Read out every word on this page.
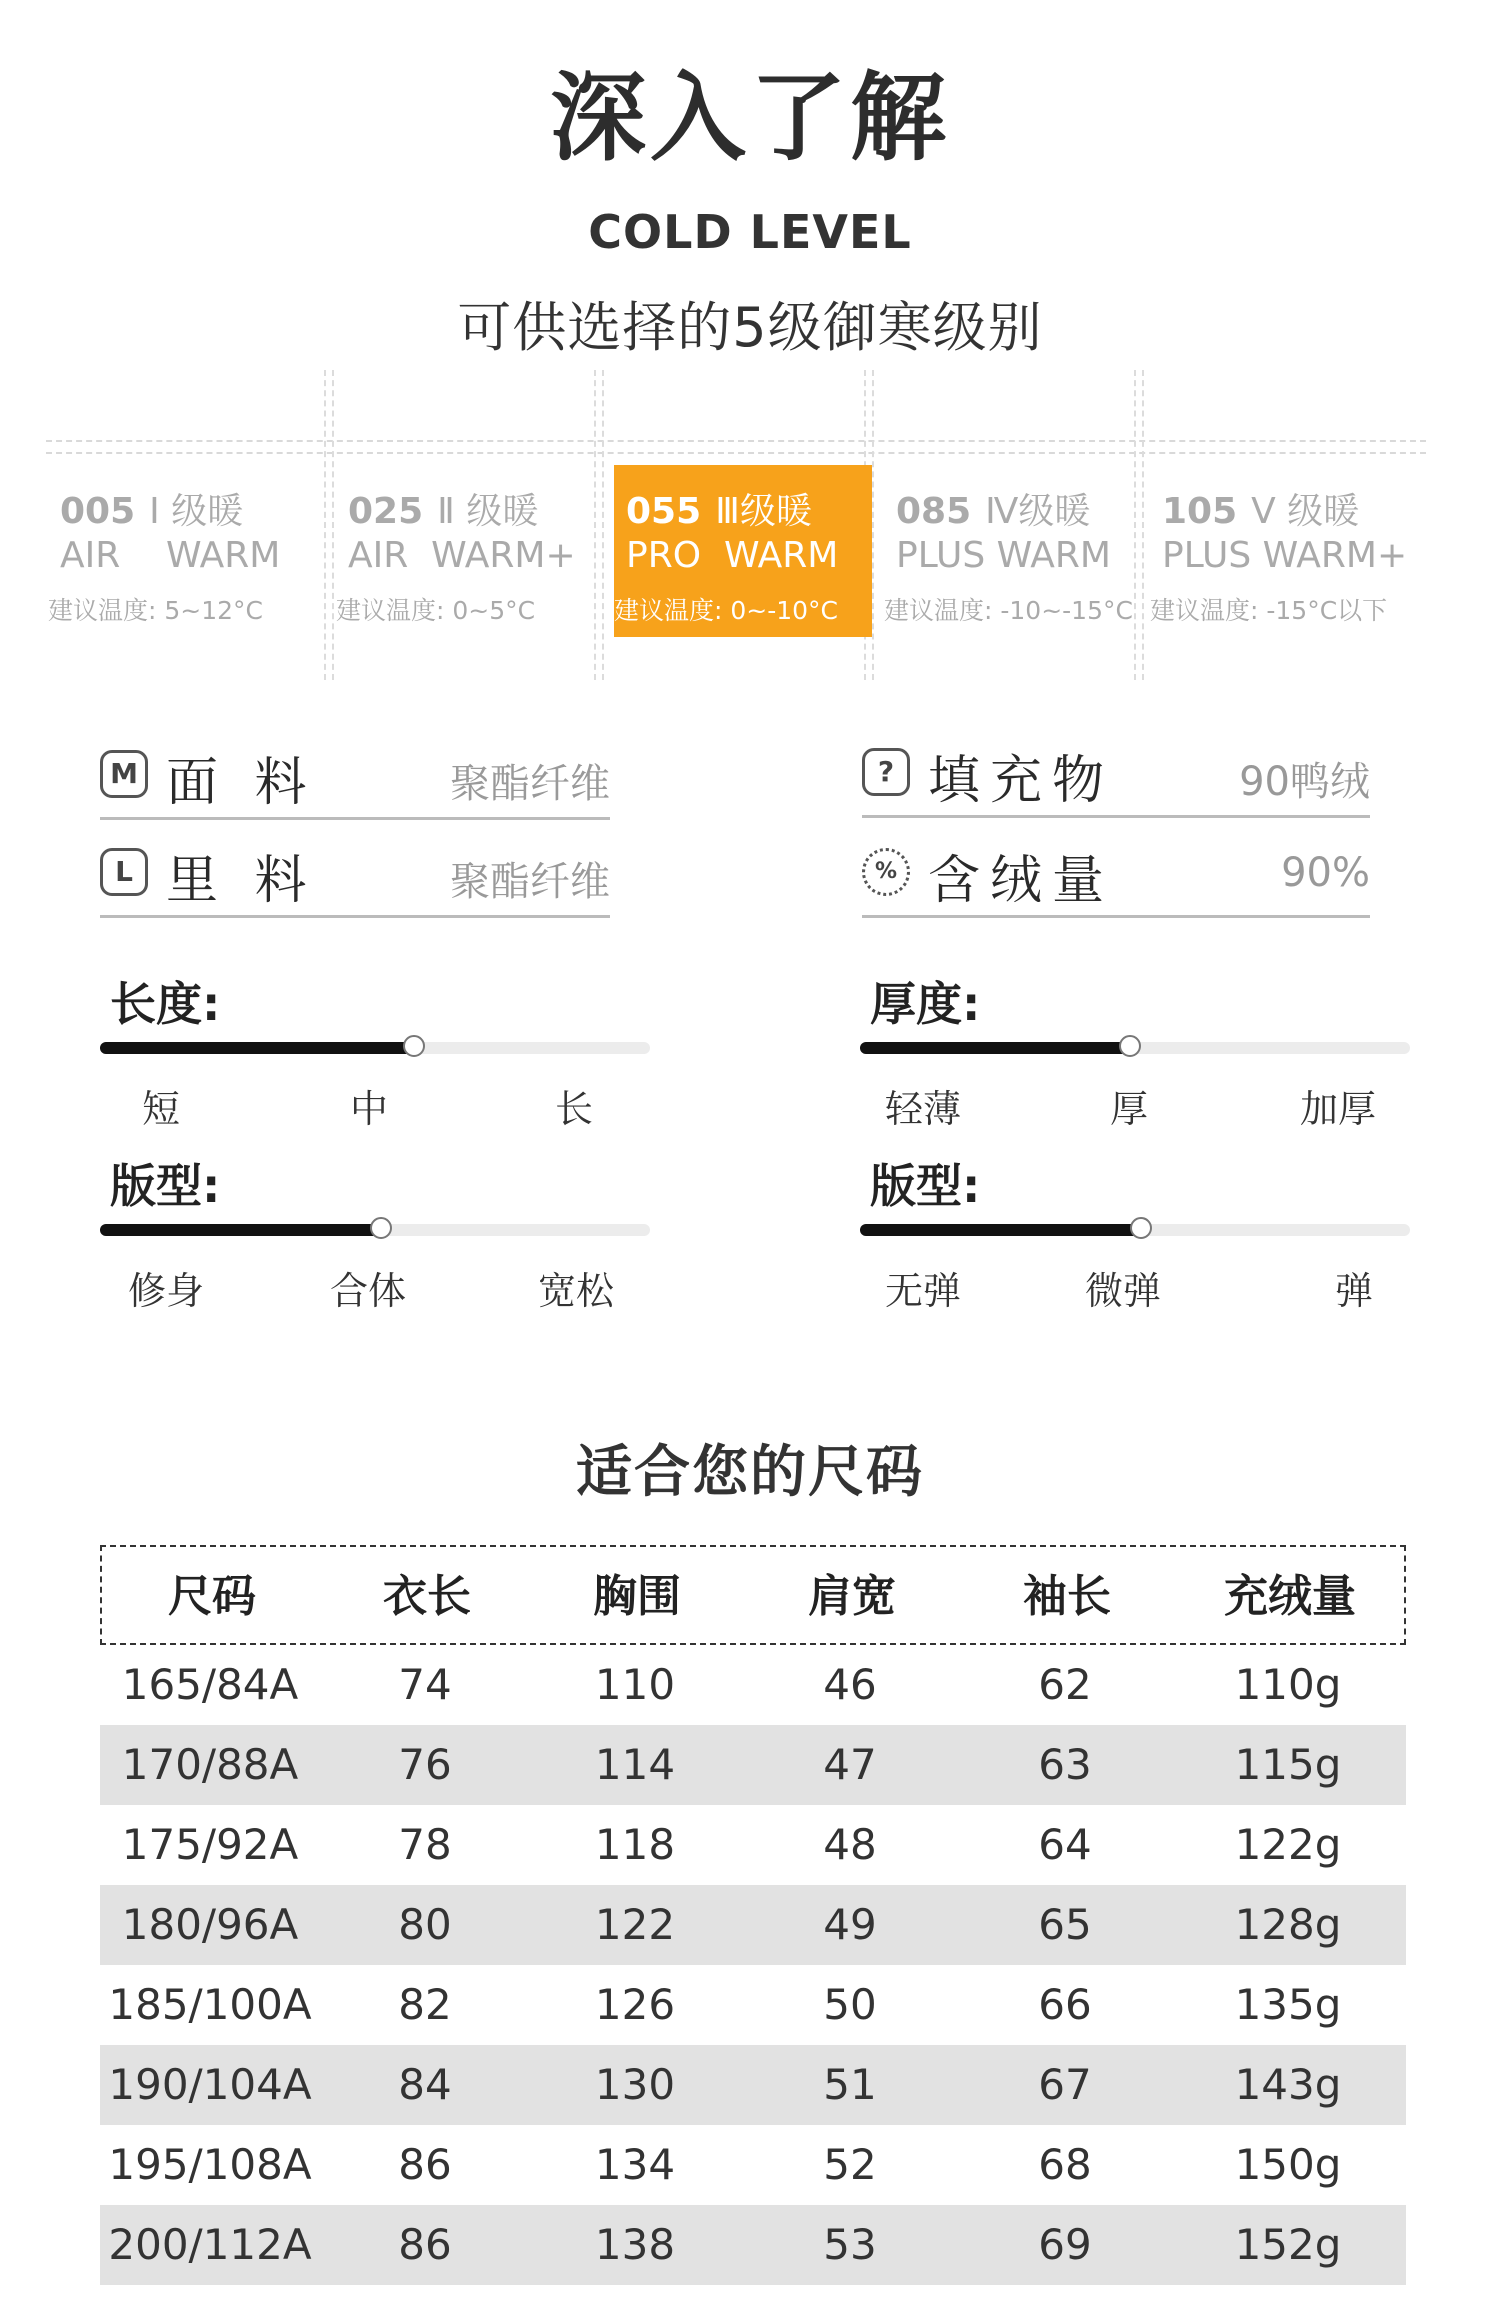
深入了解
COLD LEVEL
可供选择的5级御寒级别
005 Ⅰ 级暖
AIR    WARM
建议温度: 5~12°C
025 Ⅱ 级暖
AIR  WARM+
建议温度: 0~5°C
055 Ⅲ级暖
PRO  WARM
建议温度: 0~-10°C
085 Ⅳ级暖
PLUS WARM
建议温度: -10~-15°C
105 Ⅴ 级暖
PLUS WARM+
建议温度: -15°C以下
M 面 料	聚酯纤维
L 里 料	聚酯纤维
? 填充物	90鸭绒
% 含绒量	90%
长度:
短	中	长
厚度:
轻薄	厚	加厚
版型:
修身	合体	宽松
版型:
无弹	微弹	弹
适合您的尺码
尺码	衣长	胸围	肩宽	袖长	充绒量
165/84A	74	110	46	62	110g
170/88A	76	114	47	63	115g
175/92A	78	118	48	64	122g
180/96A	80	122	49	65	128g
185/100A	82	126	50	66	135g
190/104A	84	130	51	67	143g
195/108A	86	134	52	68	150g
200/112A	86	138	53	69	152g
